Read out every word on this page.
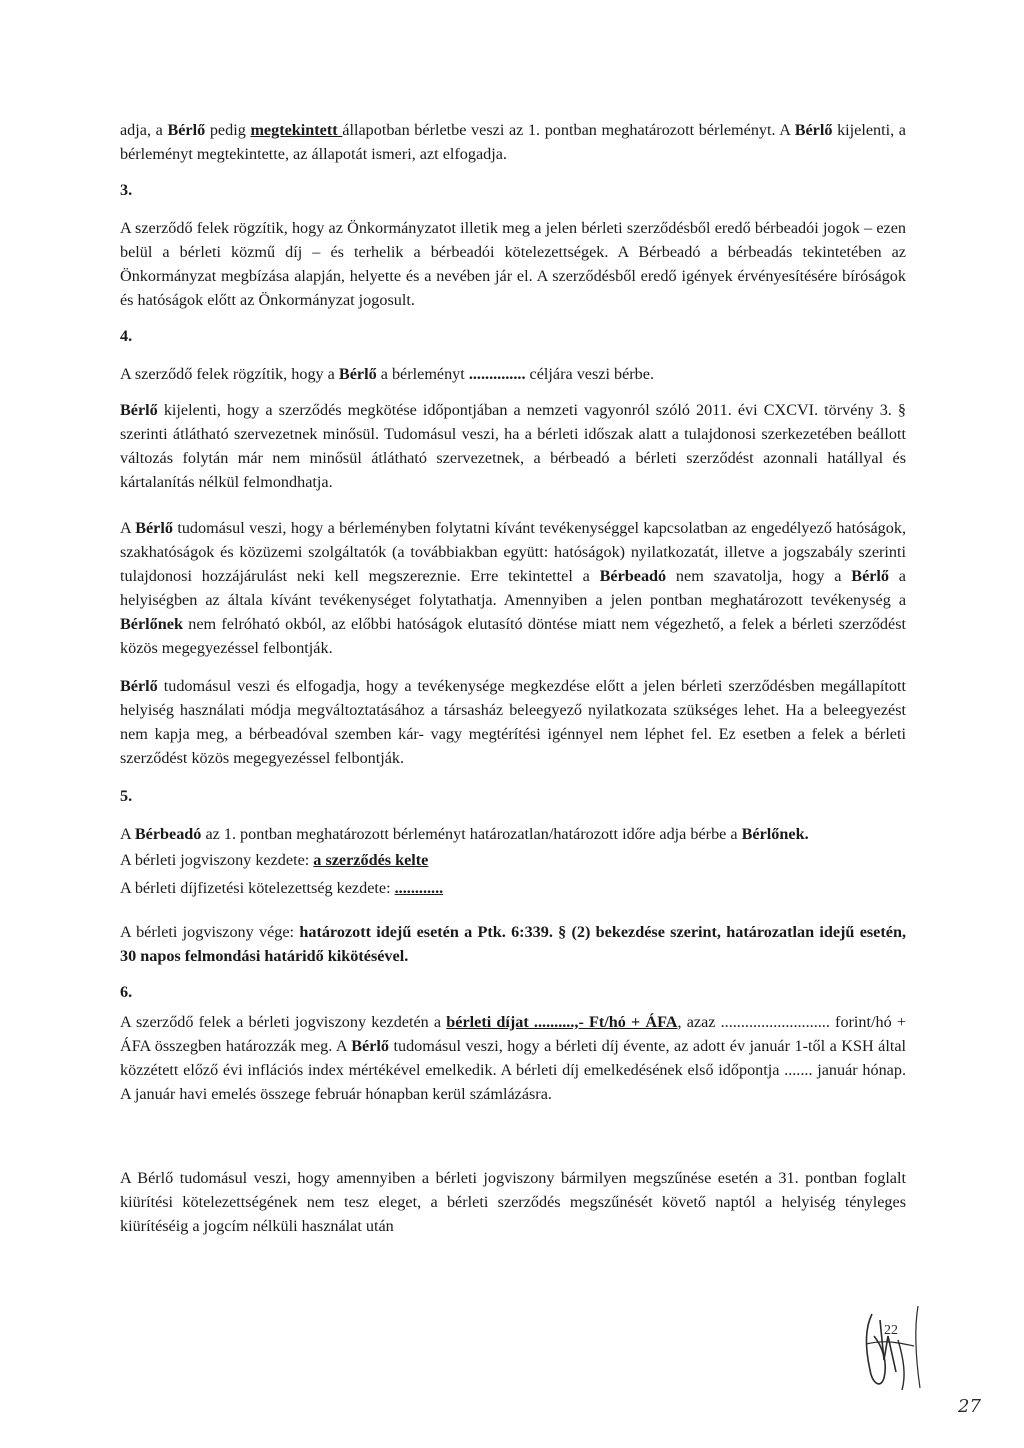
adja, a Bérlő pedig megtekintett állapotban bérletbe veszi az 1. pontban meghatározott bérleményt. A Bérlő kijelenti, a bérleményt megtekintette, az állapotát ismeri, azt elfogadja.

3.

A szerződő felek rögzítik, hogy az Önkormányzatot illetik meg a jelen bérleti szerződésből eredő bérbeadói jogok – ezen belül a bérleti közmű díj – és terhelik a bérbeadói kötelezettségek. A Bérbeadó a bérbeadás tekintetében az Önkormányzat megbízása alapján, helyette és a nevében jár el. A szerződésből eredő igények érvényesítésére bíróságok és hatóságok előtt az Önkormányzat jogosult.

4.

A szerződő felek rögzítik, hogy a Bérlő a bérleményt .............. céljára veszi bérbe.

Bérlő kijelenti, hogy a szerződés megkötése időpontjában a nemzeti vagyonról szóló 2011. évi CXCVI. törvény 3. § szerinti átlátható szervezetnek minősül. Tudomásul veszi, ha a bérleti időszak alatt a tulajdonosi szerkezetében beállott változás folytán már nem minősül átlátható szervezetnek, a bérbeadó a bérleti szerződést azonnali hatállyal és kártalanítás nélkül felmondhatja.

A Bérlő tudomásul veszi, hogy a bérleményben folytatni kívánt tevékenységgel kapcsolatban az engedélyező hatóságok, szakhatóságok és közüzemi szolgáltatók (a továbbiakban együtt: hatóságok) nyilatkozatát, illetve a jogszabály szerinti tulajdonosi hozzájárulást neki kell megszereznie. Erre tekintettel a Bérbeadó nem szavatolja, hogy a Bérlő a helyiségben az általa kívánt tevékenységet folytathatja. Amennyiben a jelen pontban meghatározott tevékenység a Bérlőnek nem felróható okból, az előbbi hatóságok elutasító döntése miatt nem végezhető, a felek a bérleti szerződést közös megegyezéssel felbontják.

Bérlő tudomásul veszi és elfogadja, hogy a tevékenysége megkezdése előtt a jelen bérleti szerződésben megállapított helyiség használati módja megváltoztatásához a társasház beleegyező nyilatkozata szükséges lehet. Ha a beleegyezést nem kapja meg, a bérbeadóval szemben kár- vagy megtérítési igénnyel nem léphet fel. Ez esetben a felek a bérleti szerződést közös megegyezéssel felbontják.

5.

A Bérbeadó az 1. pontban meghatározott bérleményt határozatlan/határozott időre adja bérbe a Bérlőnek.

A bérleti jogviszony kezdete: a szerződés kelte

A bérleti díjfizetési kötelezettség kezdete: ............

A bérleti jogviszony vége: határozott idejű esetén a Ptk. 6:339. § (2) bekezdése szerint, határozatlan idejű esetén, 30 napos felmondási határidő kikötésével.

6.

A szerződő felek a bérleti jogviszony kezdetén a bérleti díjat ..........,- Ft/hó + ÁFA, azaz ........................... forint/hó + ÁFA összegben határozzák meg. A Bérlő tudomásul veszi, hogy a bérleti díj évente, az adott év január 1-től a KSH által közzétett előző évi inflációs index mértékével emelkedik. A bérleti díj emelkedésének első időpontja ....... január hónap. A január havi emelés összege február hónapban kerül számlázásra.

A Bérlő tudomásul veszi, hogy amennyiben a bérleti jogviszony bármilyen megszűnése esetén a 31. pontban foglalt kiürítési kötelezettségének nem tesz eleget, a bérleti szerződés megszűnését követő naptól a helyiség tényleges kiürítéséig a jogcím nélküli használat után

22
27
